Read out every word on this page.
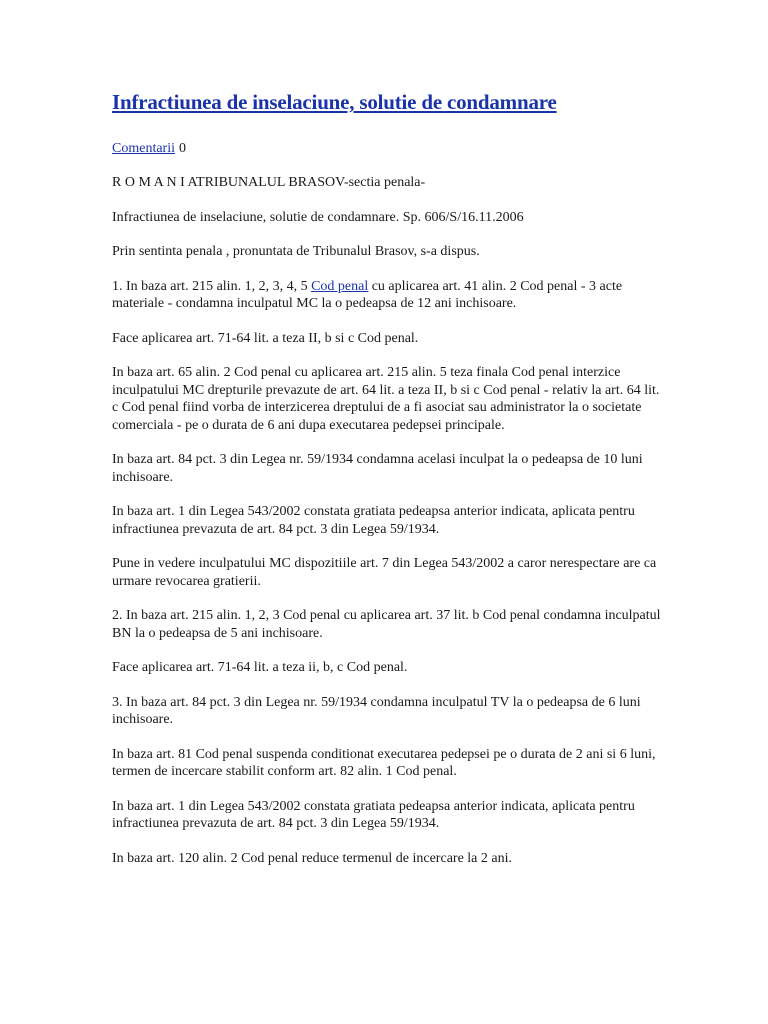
Infractiunea de inselaciune, solutie de condamnare
Comentarii 0

R O M A N I ATRIBUNALUL BRASOV-sectia penala-

Infractiunea de inselaciune, solutie de condamnare. Sp. 606/S/16.11.2006

Prin sentinta penala , pronuntata de Tribunalul Brasov, s-a dispus.

1. In baza art. 215 alin. 1, 2, 3, 4, 5 Cod penal cu aplicarea art. 41 alin. 2 Cod penal - 3 acte materiale - condamna inculpatul MC la o pedeapsa de 12 ani inchisoare.

Face aplicarea art. 71-64 lit. a teza II, b si c Cod penal.

In baza art. 65 alin. 2 Cod penal cu aplicarea art. 215 alin. 5 teza finala Cod penal interzice inculpatului MC drepturile prevazute de art. 64 lit. a teza II, b si c Cod penal - relativ la art. 64 lit. c Cod penal fiind vorba de interzicerea dreptului de a fi asociat sau administrator la o societate comerciala - pe o durata de 6 ani dupa executarea pedepsei principale.

In baza art. 84 pct. 3 din Legea nr. 59/1934 condamna acelasi inculpat la o pedeapsa de 10 luni inchisoare.

In baza art. 1 din Legea 543/2002 constata gratiata pedeapsa anterior indicata, aplicata pentru infractiunea prevazuta de art. 84 pct. 3 din Legea 59/1934.

Pune in vedere inculpatului MC dispozitiile art. 7 din Legea 543/2002 a caror nerespectare are ca urmare revocarea gratierii.

2. In baza art. 215 alin. 1, 2, 3 Cod penal cu aplicarea art. 37 lit. b Cod penal condamna inculpatul BN la o pedeapsa de 5 ani inchisoare.

Face aplicarea art. 71-64 lit. a teza ii, b, c Cod penal.

3. In baza art. 84 pct. 3 din Legea nr. 59/1934 condamna inculpatul TV la o pedeapsa de 6 luni inchisoare.

In baza art. 81 Cod penal suspenda conditionat executarea pedepsei pe o durata de 2 ani si 6 luni, termen de incercare stabilit conform art. 82 alin. 1 Cod penal.

In baza art. 1 din Legea 543/2002 constata gratiata pedeapsa anterior indicata, aplicata pentru infractiunea prevazuta de art. 84 pct. 3 din Legea 59/1934.

In baza art. 120 alin. 2 Cod penal reduce termenul de incercare la 2 ani.
